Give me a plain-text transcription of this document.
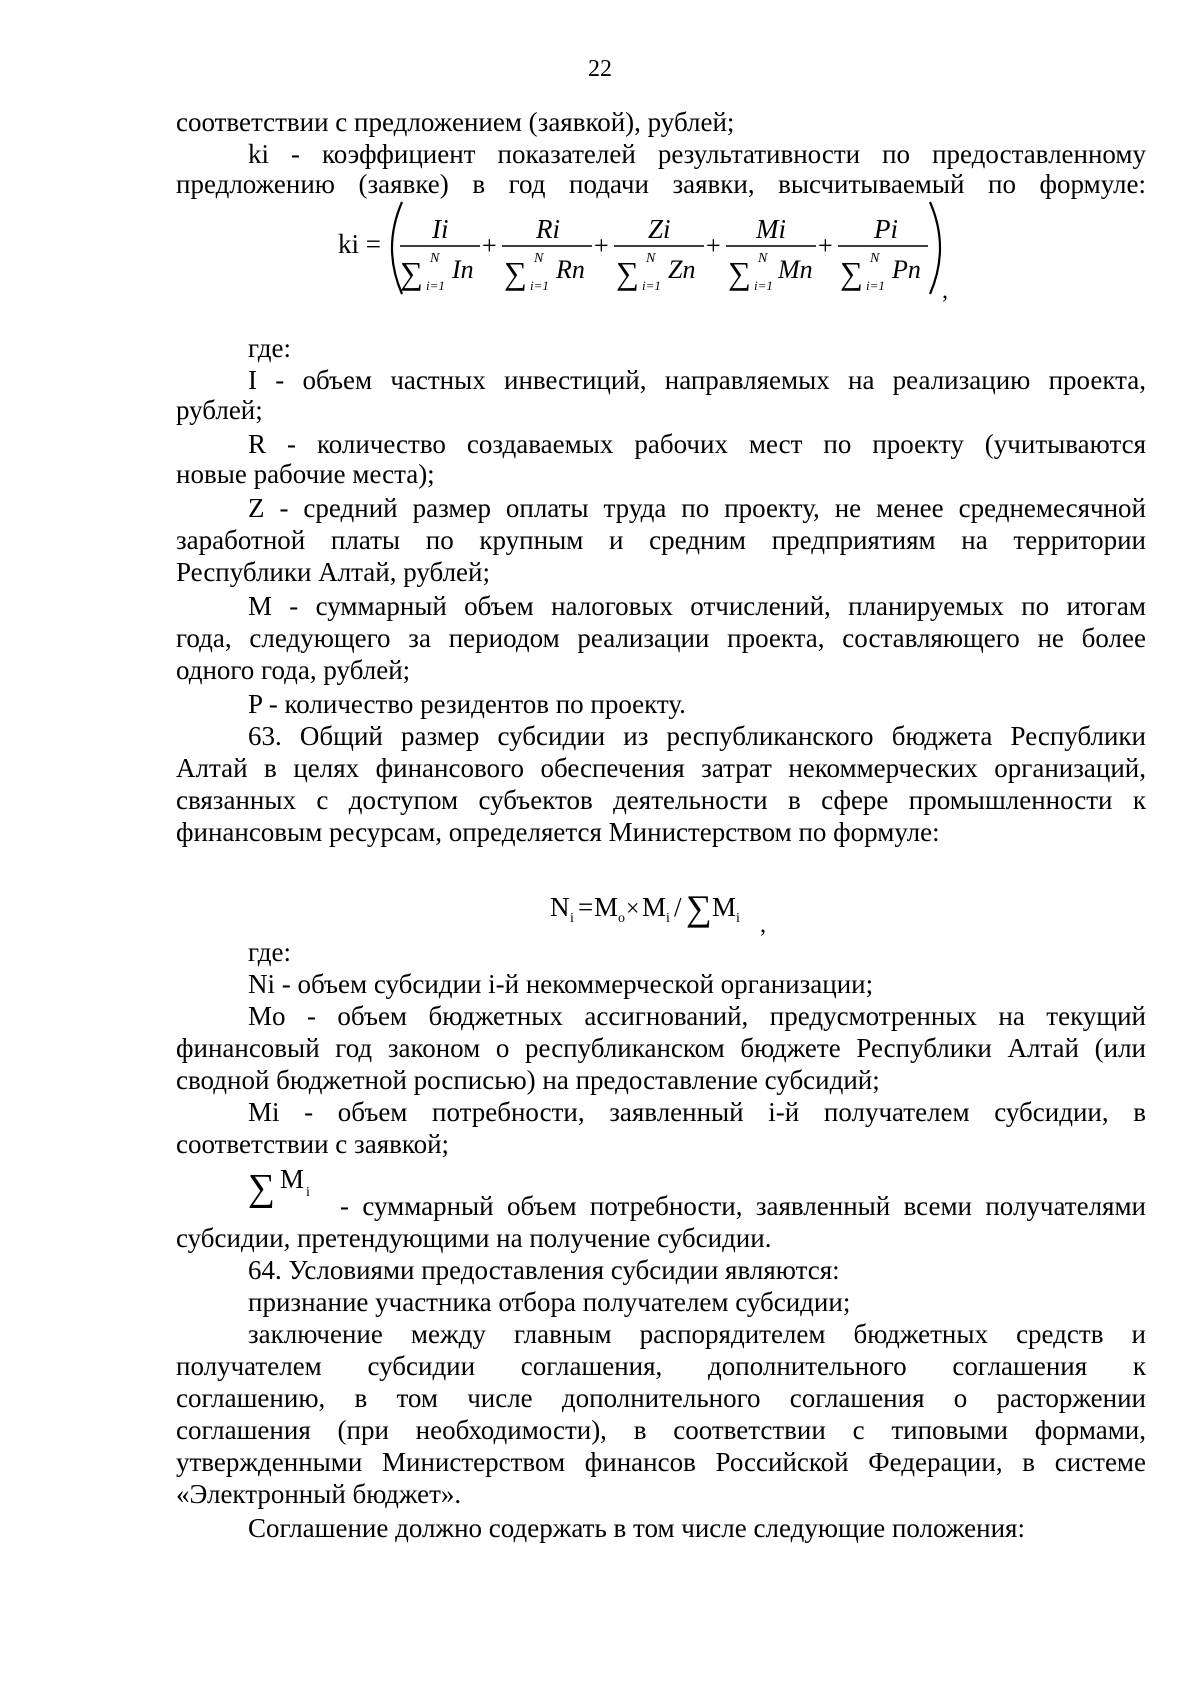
22
соответствии с предложением (заявкой), рублей;
ki - коэффициент показателей результативности по предоставленному
предложению (заявке) в год подачи заявки, высчитываемый по формуле:
ki =
,
Ii
∑ N
i=1
In
+
Ri
∑ N
i=1
Rn
+
Zi
∑ N
i=1
Zn
+
Mi
∑ N
i=1
Mn
+
Pi
∑ N
i=1
Pn
где:
I - объем частных инвестиций, направляемых на реализацию проекта,
рублей;
R - количество создаваемых рабочих мест по проекту (учитываются
новые рабочие места);
Z - средний размер оплаты труда по проекту, не менее среднемесячной
заработной платы по крупным и средним предприятиям на территории
Республики Алтай, рублей;
М - суммарный объем налоговых отчислений, планируемых по итогам
года, следующего за периодом реализации проекта, составляющего не более
одного года, рублей;
P - количество резидентов по проекту.
63. Общий размер субсидии из республиканского бюджета Республики
Алтай в целях финансового обеспечения затрат некоммерческих организаций,
связанных с доступом субъектов деятельности в сфере промышленности к
финансовым ресурсам, определяется Министерством по формуле:
N i = M o × M i / ∑ M i ,
где:
Ni - объем субсидии i-й некоммерческой организации;
Mo - объем бюджетных ассигнований, предусмотренных на текущий
финансовый год законом о республиканском бюджете Республики Алтай (или
сводной бюджетной росписью) на предоставление субсидий;
Mi - объем потребности, заявленный i-й получателем субсидии, в
соответствии с заявкой;
∑ M i - суммарный объем потребности, заявленный всеми получателями
субсидии, претендующими на получение субсидии.
64. Условиями предоставления субсидии являются:
признание участника отбора получателем субсидии;
заключение между главным распорядителем бюджетных средств и
получателем субсидии соглашения, дополнительного соглашения к
соглашению, в том числе дополнительного соглашения о расторжении
соглашения (при необходимости), в соответствии с типовыми формами,
утвержденными Министерством финансов Российской Федерации, в системе
«Электронный бюджет».
Соглашение должно содержать в том числе следующие положения:
